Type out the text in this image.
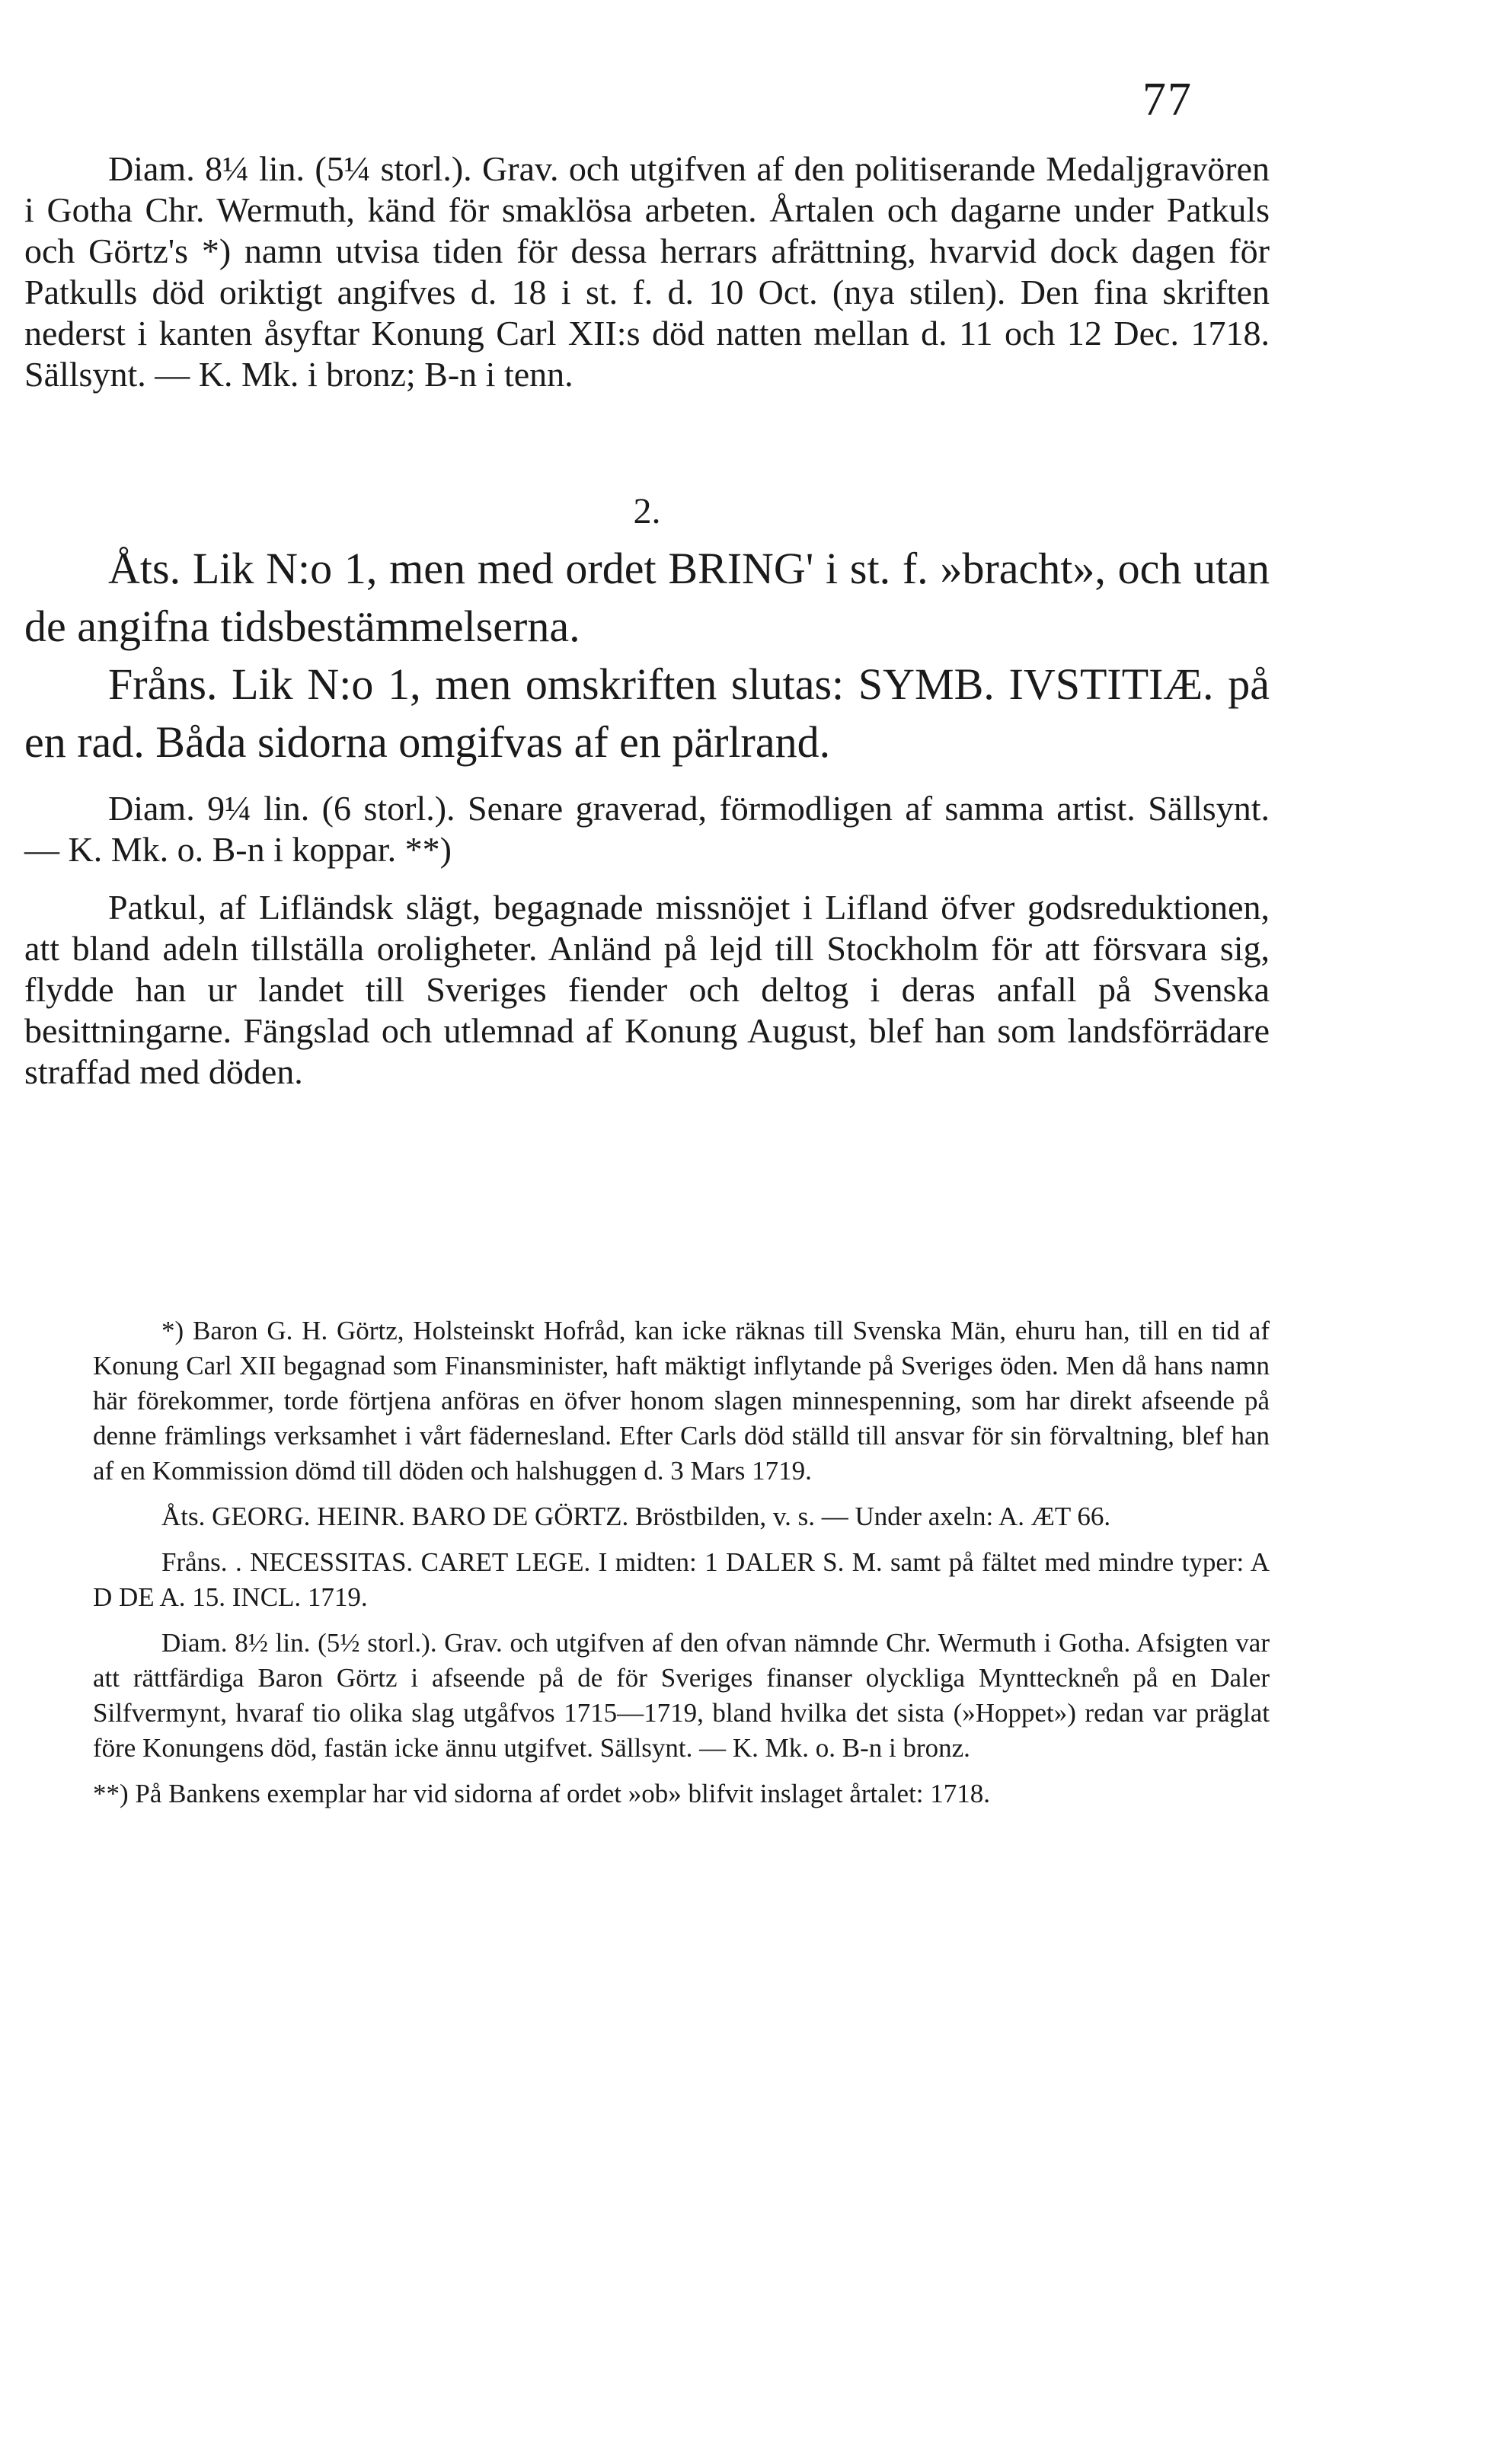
77

Diam. 8¼ lin. (5¼ storl.). Grav. och utgifven af den politiserande Medaljgravören i Gotha Chr. Wermuth, känd för smaklösa arbeten. Årtalen och dagarne under Patkuls och Görtz's *) namn utvisa tiden för dessa herrars afrättning, hvarvid dock dagen för Patkulls död oriktigt angifves d. 18 i st. f. d. 10 Oct. (nya stilen). Den fina skriften nederst i kanten åsyftar Konung Carl XII:s död natten mellan d. 11 och 12 Dec. 1718. Sällsynt. — K. Mk. i bronz; B-n i tenn.

2.

Åts. Lik N:o 1, men med ordet BRING' i st. f. »bracht», och utan de angifna tidsbestämmelserna.

Fråns. Lik N:o 1, men omskriften slutas: SYMB. IVSTITIÆ. på en rad. Båda sidorna omgifvas af en pärlrand.

Diam. 9¼ lin. (6 storl.). Senare graverad, förmodligen af samma artist. Sällsynt. — K. Mk. o. B-n i koppar. **)

Patkul, af Lifländsk slägt, begagnade missnöjet i Lifland öfver godsreduktionen, att bland adeln tillställa oroligheter. Anländ på lejd till Stockholm för att försvara sig, flydde han ur landet till Sveriges fiender och deltog i deras anfall på Svenska besittningarne. Fängslad och utlemnad af Konung August, blef han som landsförrädare straffad med döden.

*) Baron G. H. Görtz, Holsteinskt Hofråd, kan icke räknas till Svenska Män, ehuru han, till en tid af Konung Carl XII begagnad som Finansminister, haft mäktigt inflytande på Sveriges öden. Men då hans namn här förekommer, torde förtjena anföras en öfver honom slagen minnespenning, som har direkt afseende på denne främlings verksamhet i vårt fädernesland. Efter Carls död ställd till ansvar för sin förvaltning, blef han af en Kommission dömd till döden och halshuggen d. 3 Mars 1719.

Åts. GEORG. HEINR. BARO DE GÖRTZ. Bröstbilden, v. s. — Under axeln: A. ÆT 66.

Fråns. . NECESSITAS. CARET LEGE. I midten: 1 DALER S. M. samt på fältet med mindre typer: A D DE A. 15. INCL. 1719.

Diam. 8½ lin. (5½ storl.). Grav. och utgifven af den ofvan nämnde Chr. Wermuth i Gotha. Afsigten var att rättfärdiga Baron Görtz i afseende på de för Sveriges finanser olyckliga Myntteckne̊n på en Daler Silfvermynt, hvaraf tio olika slag utgåfvos 1715—1719, bland hvilka det sista (»Hoppet») redan var präglat före Konungens död, fastän icke ännu utgifvet. Sällsynt. — K. Mk. o. B-n i bronz.

**) På Bankens exemplar har vid sidorna af ordet »ob» blifvit inslaget årtalet: 1718.
